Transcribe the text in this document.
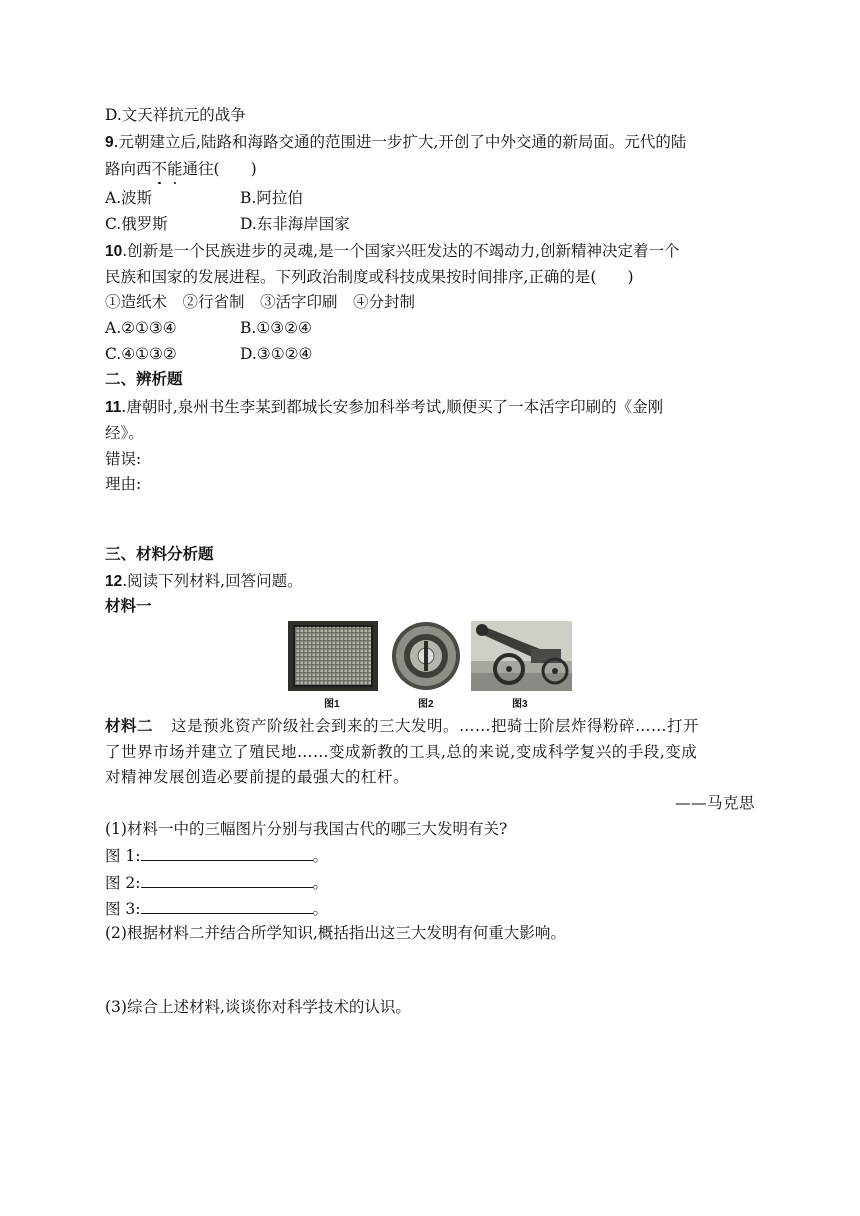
D.文天祥抗元的战争
9.元朝建立后,陆路和海路交通的范围进一步扩大,开创了中外交通的新局面。元代的陆
路向西不能通往(　　)
A.波斯	B.阿拉伯
C.俄罗斯	D.东非海岸国家
10.创新是一个民族进步的灵魂,是一个国家兴旺发达的不竭动力,创新精神决定着一个
民族和国家的发展进程。下列政治制度或科技成果按时间排序,正确的是(　　)
①造纸术　②行省制　③活字印刷　④分封制
A.②①③④	B.①③②④
C.④①③②	D.③①②④
二、辨析题
11.唐朝时,泉州书生李某到都城长安参加科举考试,顺便买了一本活字印刷的《金刚
经》。
错误:
理由:
三、材料分析题
12.阅读下列材料,回答问题。
材料一
· · · · ·
·	·
图1	图2	图3
材料二 这是预兆资产阶级社会到来的三大发明。……把骑士阶层炸得粉碎……打开
了世界市场并建立了殖民地……变成新教的工具,总的来说,变成科学复兴的手段,变成
对精神发展创造必要前提的最强大的杠杆。
——马克思
(1)材料一中的三幅图片分别与我国古代的哪三大发明有关?
图 1:	。
图 2:	。
图 3:	。
(2)根据材料二并结合所学知识,概括指出这三大发明有何重大影响。
(3)综合上述材料,谈谈你对科学技术的认识。
